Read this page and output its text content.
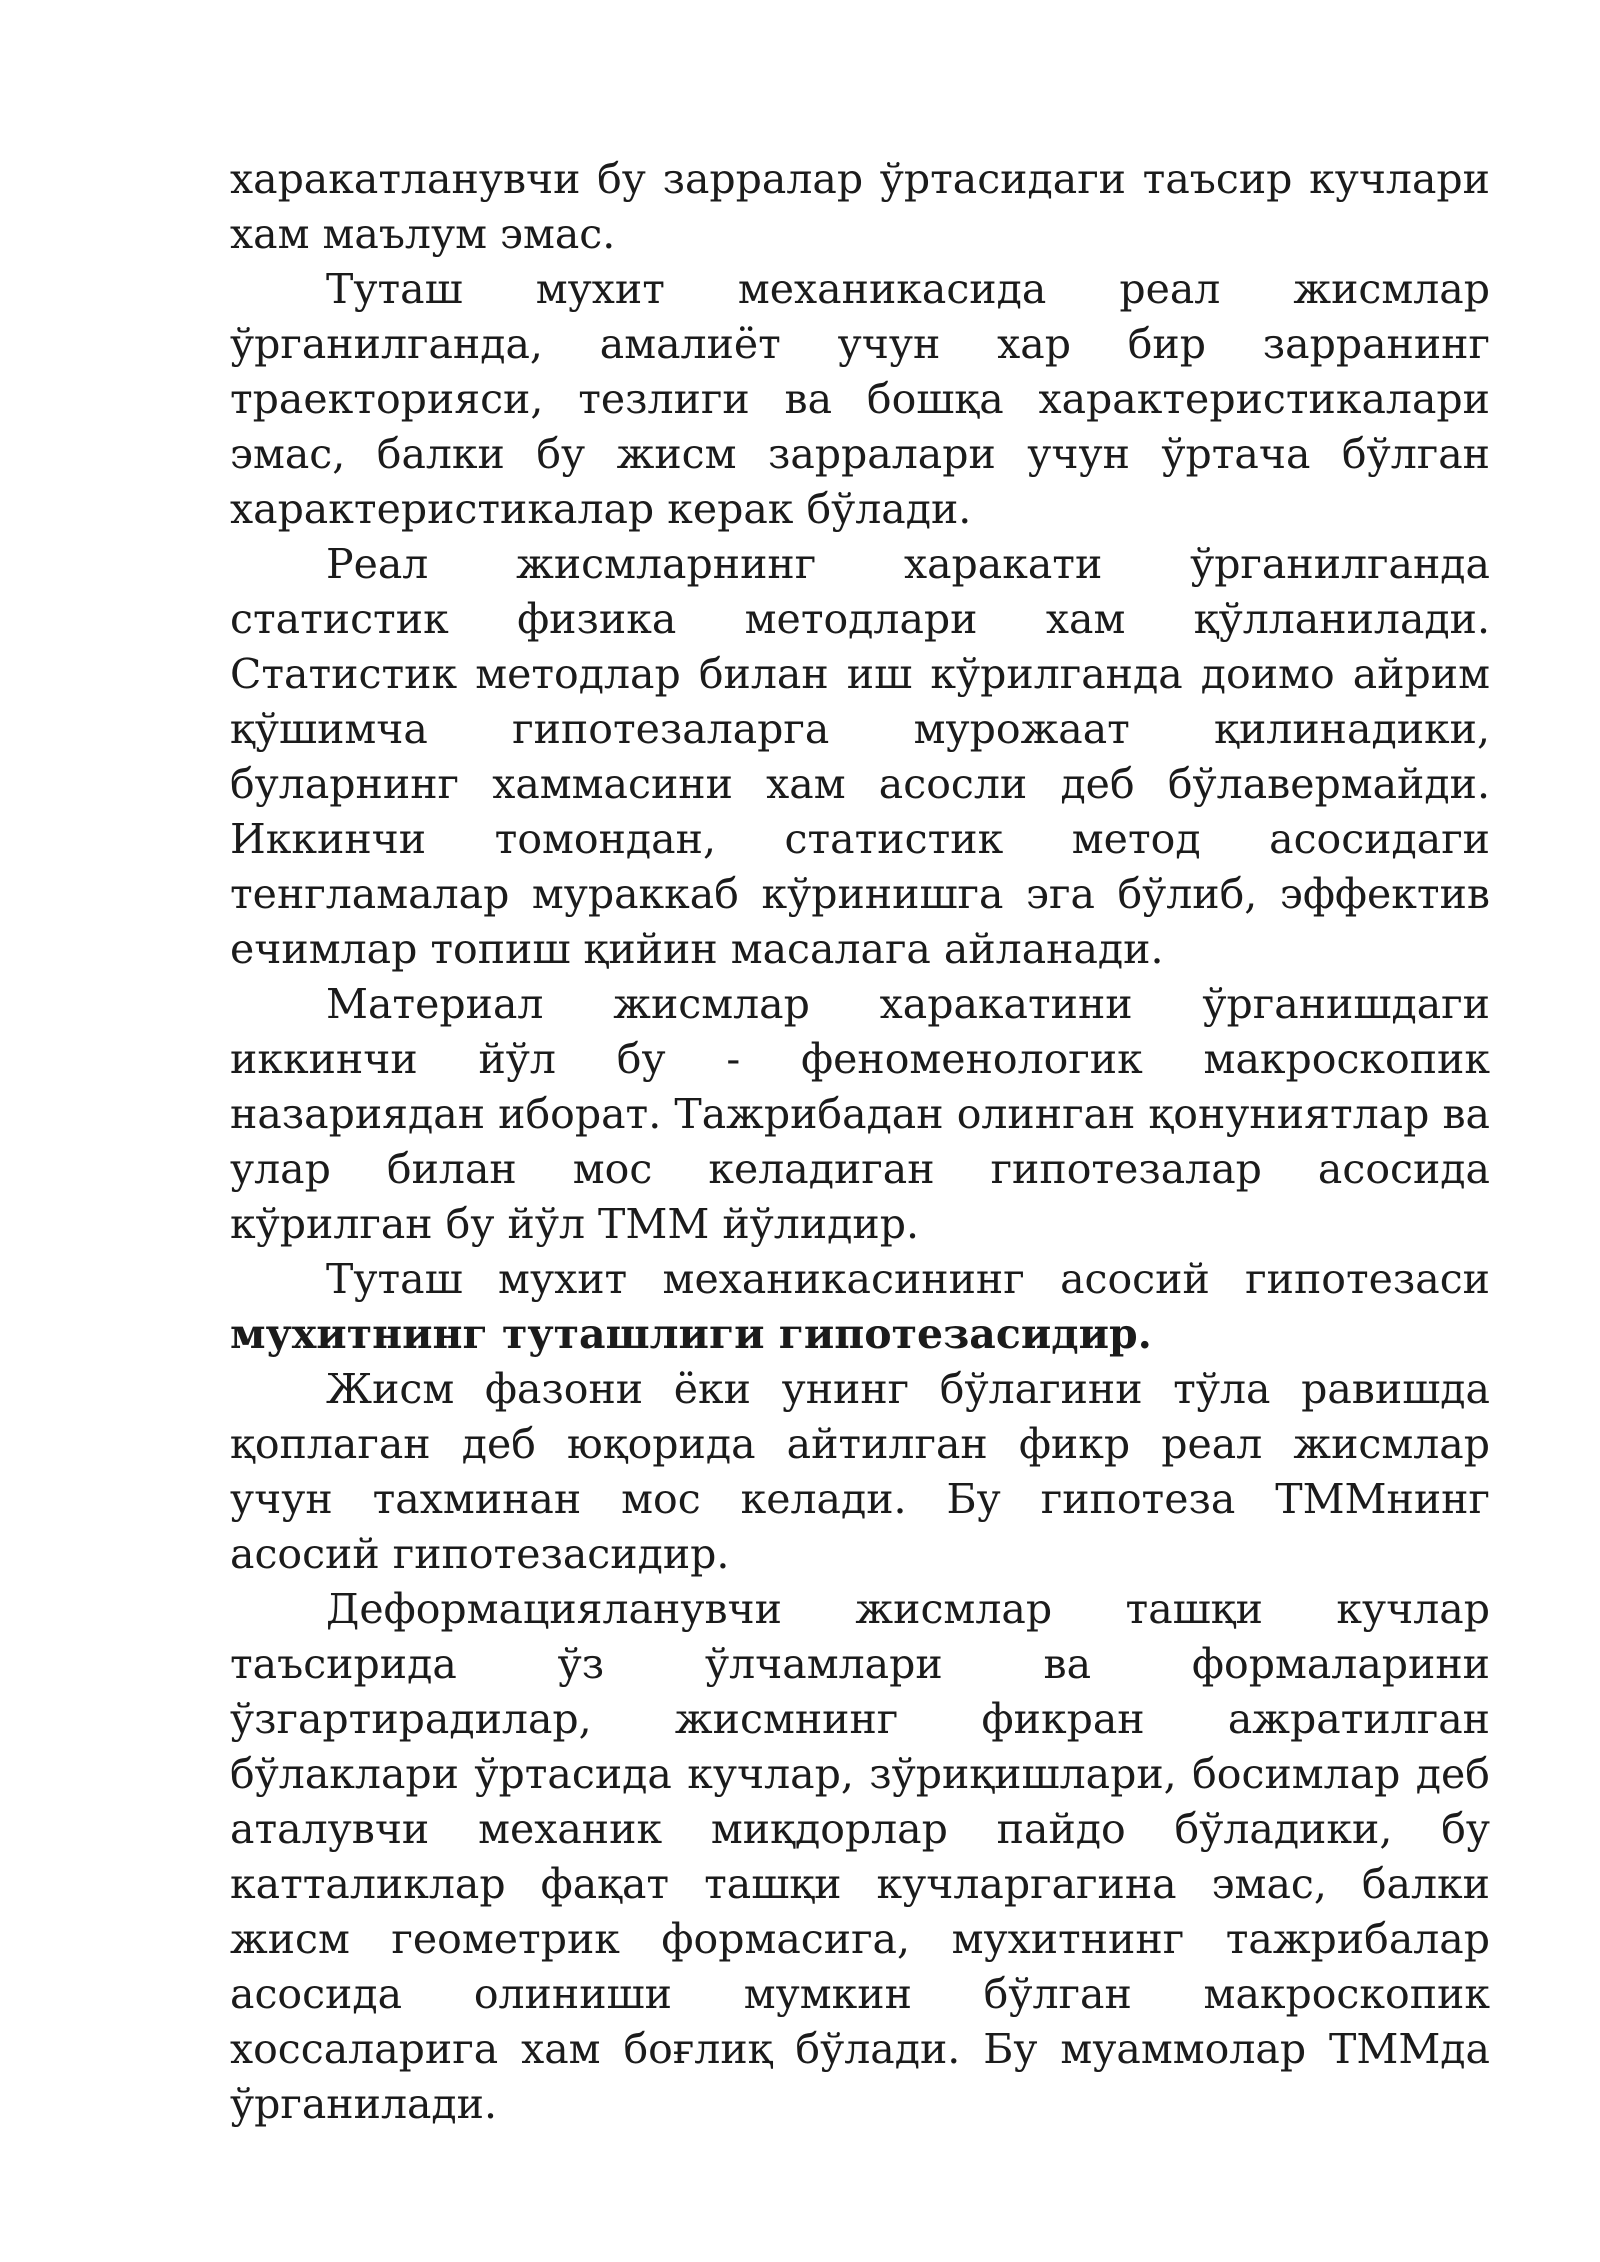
харакатланувчи бу зарралар ўртасидаги таъсир кучлари хам маълум эмас.

Туташ мухит механикасида реал жисмлар ўрганилганда, амалиёт учун хар бир зарранинг траекторияси, тезлиги ва бошқа характеристикалари эмас, балки бу жисм зарралари учун ўртача бўлган характеристикалар керак бўлади.

Реал жисмларнинг харакати ўрганилганда статистик физика методлари хам қўлланилади. Статистик методлар билан иш кўрилганда доимо айрим қўшимча гипотезаларга мурожаат қилинадики, буларнинг хаммасини хам асосли деб бўлавермайди. Иккинчи томондан, статистик метод асосидаги тенгламалар мураккаб кўринишга эга бўлиб, эффектив ечимлар топиш қийин масалага айланади.

Материал жисмлар харакатини ўрганишдаги иккинчи йўл бу - феноменологик макроскопик назариядан иборат. Тажрибадан олинган қонуниятлар ва улар билан мос келадиган гипотезалар асосида кўрилган бу йўл ТММ йўлидир.

Туташ мухит механикасининг асосий гипотезаси мухитнинг туташлиги гипотезасидир.

Жисм фазони ёки унинг бўлагини тўла равишда қоплаган деб юқорида айтилган фикр реал жисмлар учун тахминан мос келади. Бу гипотеза ТММнинг асосий гипотезасидир.

Деформацияланувчи жисмлар ташқи кучлар таъсирида ўз ўлчамлари ва формаларини ўзгартирадилар, жисмнинг фикран ажратилган бўлаклари ўртасида кучлар, зўриқишлари, босимлар деб аталувчи механик миқдорлар пайдо бўладики, бу катталиклар фақат ташқи кучларгагина эмас, балки жисм геометрик формасига, мухитнинг тажрибалар асосида олиниши мумкин бўлган макроскопик хоссаларига хам боғлиқ бўлади. Бу муаммолар ТММда ўрганилади.
